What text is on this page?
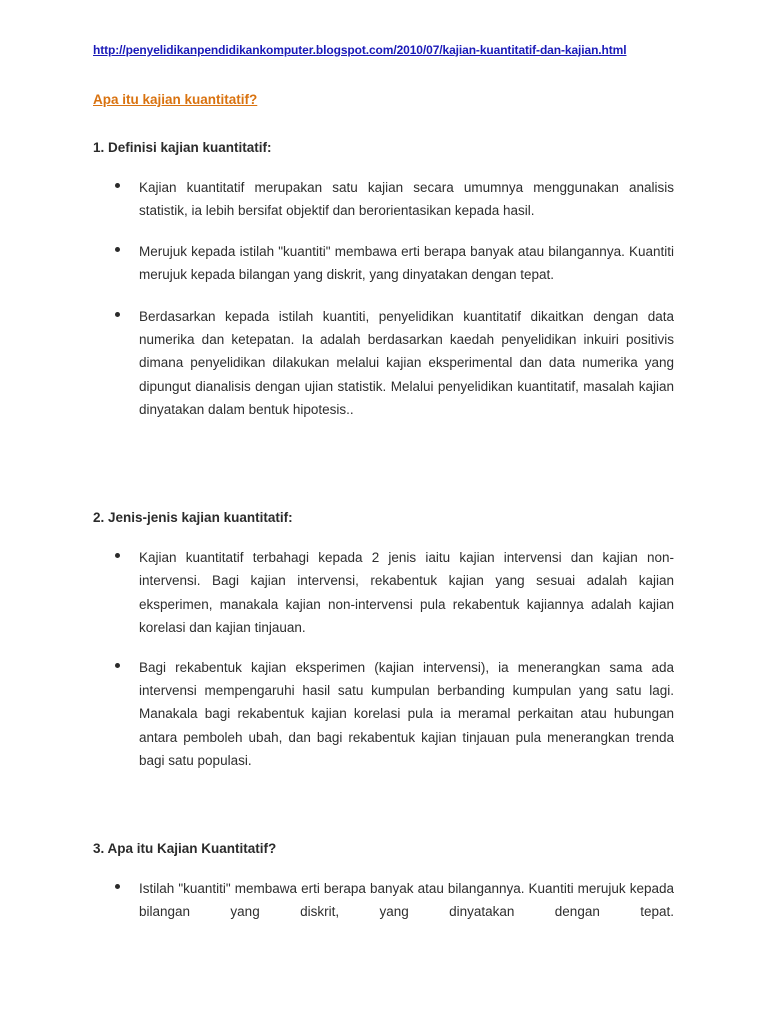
http://penyelidikanpendidikankomputer.blogspot.com/2010/07/kajian-kuantitatif-dan-kajian.html
Apa itu kajian kuantitatif?
1. Definisi kajian kuantitatif:
Kajian kuantitatif merupakan satu kajian secara umumnya menggunakan analisis statistik, ia lebih bersifat objektif dan berorientasikan kepada hasil.
Merujuk kepada istilah "kuantiti" membawa erti berapa banyak atau bilangannya. Kuantiti merujuk kepada bilangan yang diskrit, yang dinyatakan dengan tepat.
Berdasarkan kepada istilah kuantiti, penyelidikan kuantitatif dikaitkan dengan data numerika dan ketepatan. Ia adalah berdasarkan kaedah penyelidikan inkuiri positivis dimana penyelidikan dilakukan melalui kajian eksperimental dan data numerika yang dipungut dianalisis dengan ujian statistik. Melalui penyelidikan kuantitatif, masalah kajian dinyatakan dalam bentuk hipotesis..
2. Jenis-jenis kajian kuantitatif:
Kajian kuantitatif terbahagi kepada 2 jenis iaitu kajian intervensi dan kajian non-intervensi. Bagi kajian intervensi, rekabentuk kajian yang sesuai adalah kajian eksperimen, manakala kajian non-intervensi pula rekabentuk kajiannya adalah kajian korelasi dan kajian tinjauan.
Bagi rekabentuk kajian eksperimen (kajian intervensi), ia menerangkan sama ada intervensi mempengaruhi hasil satu kumpulan berbanding kumpulan yang satu lagi. Manakala bagi rekabentuk kajian korelasi pula ia meramal perkaitan atau hubungan antara pemboleh ubah, dan bagi rekabentuk kajian tinjauan pula menerangkan trenda bagi satu populasi.
3. Apa itu Kajian Kuantitatif?
Istilah "kuantiti" membawa erti berapa banyak atau bilangannya. Kuantiti merujuk kepada bilangan yang diskrit, yang dinyatakan dengan tepat.
